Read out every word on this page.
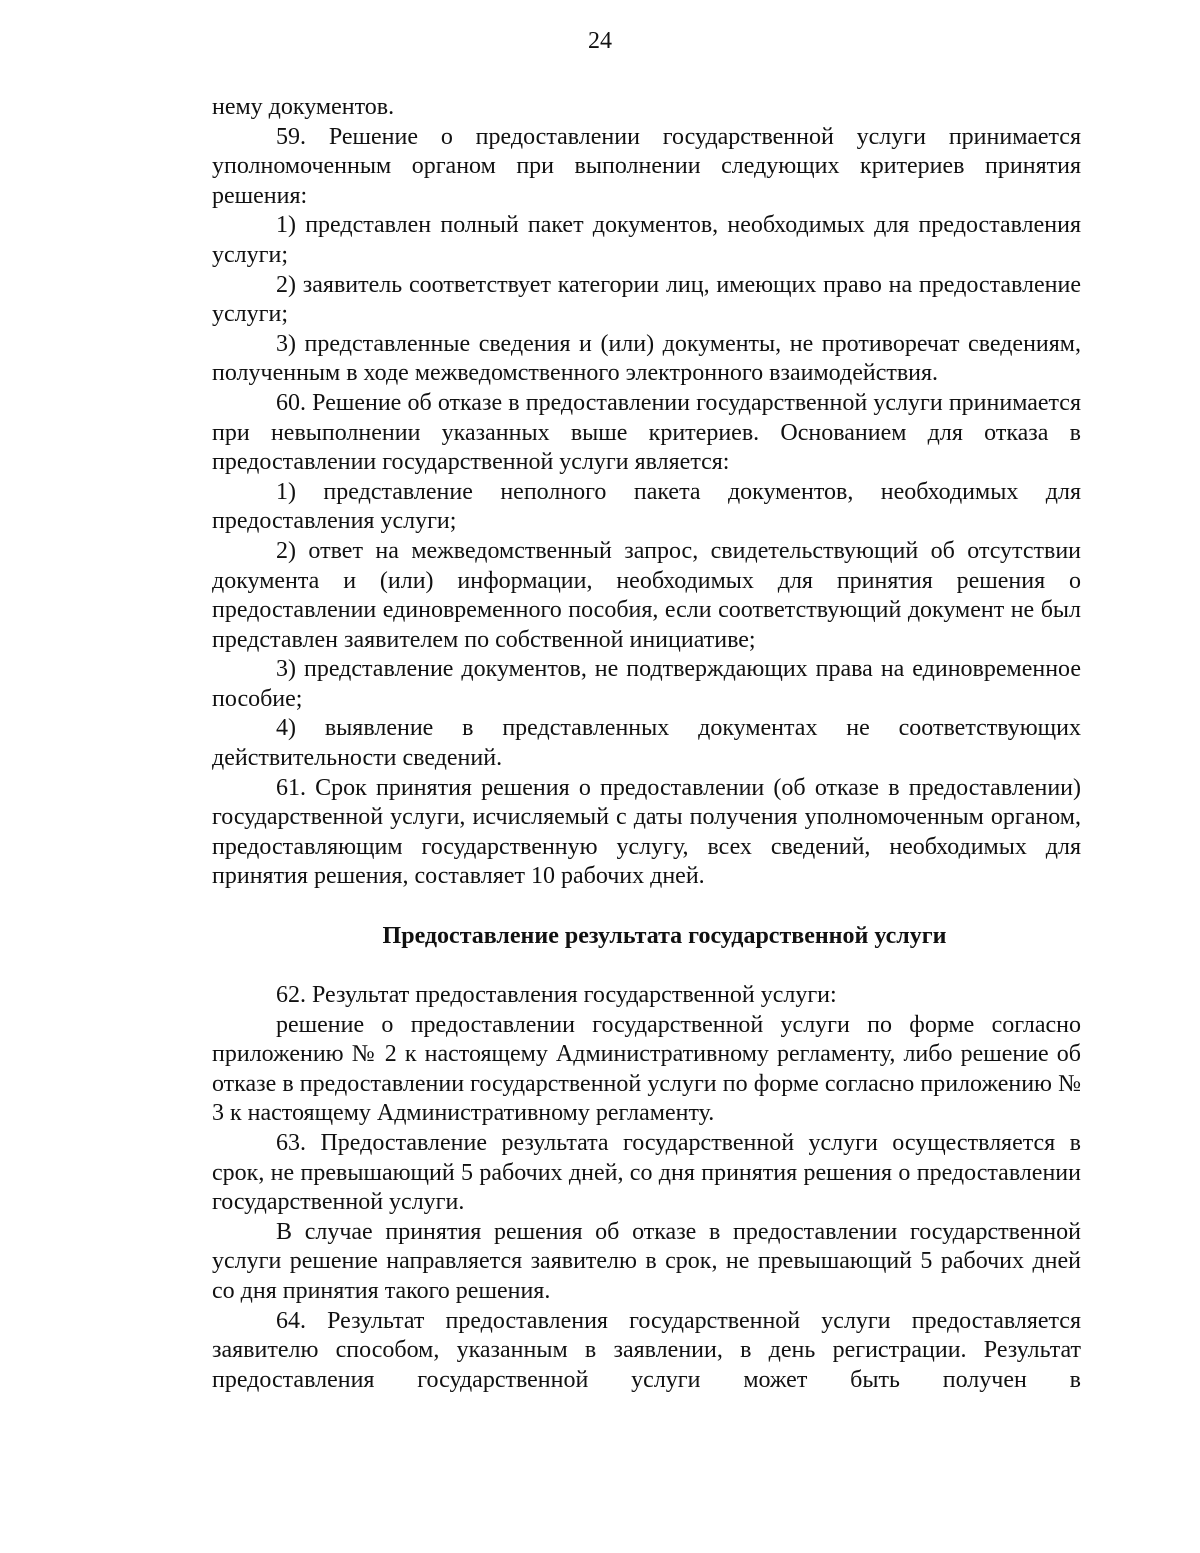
24

нему документов.

59. Решение о предоставлении государственной услуги принимается уполномоченным органом при выполнении следующих критериев принятия решения:

1) представлен полный пакет документов, необходимых для предоставления услуги;

2) заявитель соответствует категории лиц, имеющих право на предоставление услуги;

3) представленные сведения и (или) документы, не противоречат сведениям, полученным в ходе межведомственного электронного взаимодействия.

60. Решение об отказе в предоставлении государственной услуги принимается при невыполнении указанных выше критериев. Основанием для отказа в предоставлении государственной услуги является:

1) представление неполного пакета документов, необходимых для предоставления услуги;

2) ответ на межведомственный запрос, свидетельствующий об отсутствии документа и (или) информации, необходимых для принятия решения о предоставлении единовременного пособия, если соответствующий документ не был представлен заявителем по собственной инициативе;

3) представление документов, не подтверждающих права на единовременное пособие;

4) выявление в представленных документах не соответствующих действительности сведений.

61. Срок принятия решения о предоставлении (об отказе в предоставлении) государственной услуги, исчисляемый с даты получения уполномоченным органом, предоставляющим государственную услугу, всех сведений, необходимых для принятия решения, составляет 10 рабочих дней.

Предоставление результата государственной услуги

62. Результат предоставления государственной услуги:

решение о предоставлении государственной услуги по форме согласно приложению № 2 к настоящему Административному регламенту, либо решение об отказе в предоставлении государственной услуги по форме согласно приложению № 3 к настоящему Административному регламенту.

63. Предоставление результата государственной услуги осуществляется в срок, не превышающий 5 рабочих дней, со дня принятия решения о предоставлении государственной услуги.

В случае принятия решения об отказе в предоставлении государственной услуги решение направляется заявителю в срок, не превышающий 5 рабочих дней со дня принятия такого решения.

64. Результат предоставления государственной услуги предоставляется заявителю способом, указанным в заявлении, в день регистрации. Результат предоставления государственной услуги может быть получен в
